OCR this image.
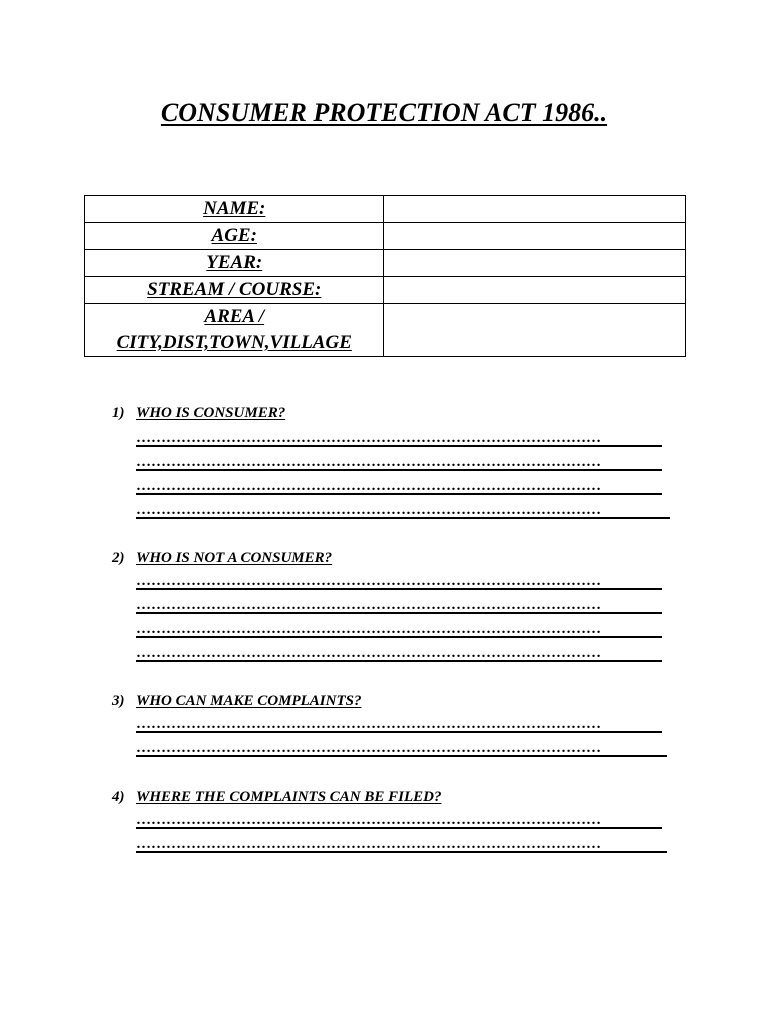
CONSUMER PROTECTION ACT 1986..
NAME:	
AGE:	
YEAR:	
STREAM / COURSE:	
AREA /
CITY,DIST,TOWN,VILLAGE	
1) WHO IS CONSUMER?
…………………………………………………………………………………
…………………………………………………………………………………
…………………………………………………………………………………
…………………………………………………………………………………
2) WHO IS NOT A CONSUMER?
…………………………………………………………………………………
…………………………………………………………………………………
…………………………………………………………………………………
…………………………………………………………………………………
3) WHO CAN MAKE COMPLAINTS?
…………………………………………………………………………………
…………………………………………………………………………………
4) WHERE THE COMPLAINTS CAN BE FILED?
…………………………………………………………………………………
…………………………………………………………………………………
